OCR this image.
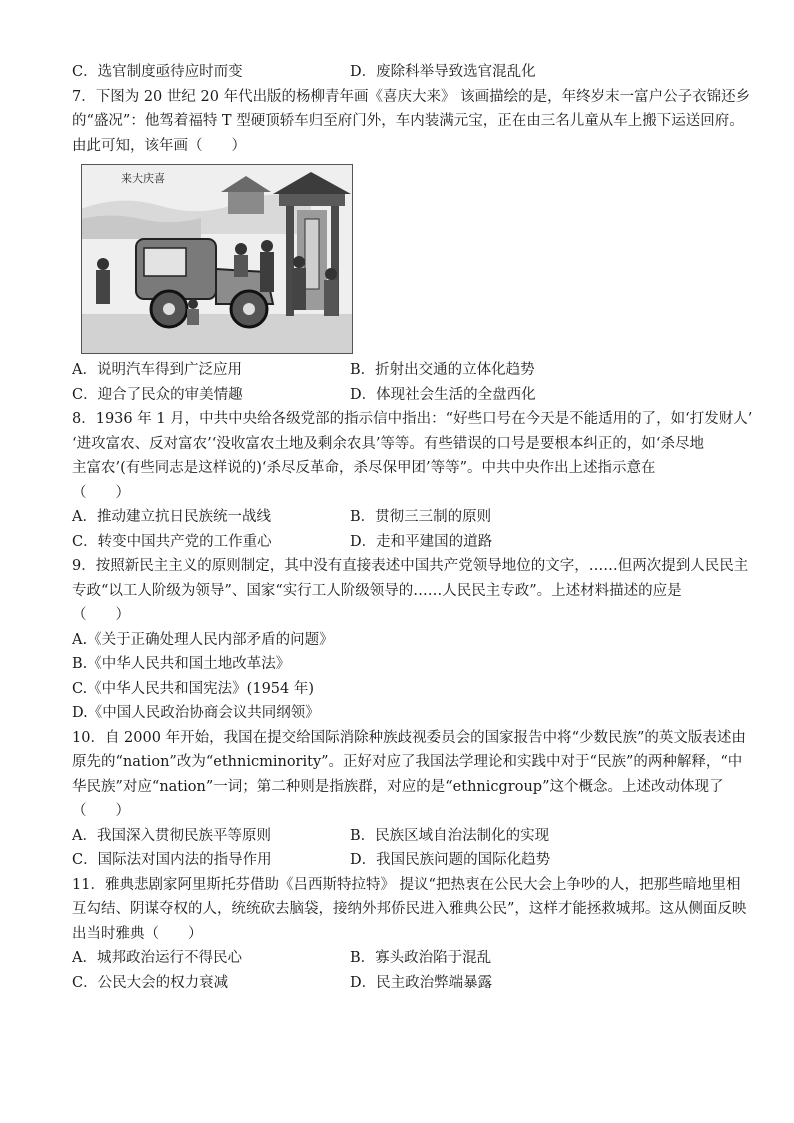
C．选官制度亟待应时而变	D．废除科举导致选官混乱化
7．下图为 20 世纪 20 年代出版的杨柳青年画《喜庆大来》 该画描绘的是，年终岁末一富户公子衣锦还乡
的“盛况”：他驾着福特 T 型硬顶轿车归至府门外，车内装满元宝，正在由三名儿童从车上搬下运送回府。
由此可知，该年画（　　）
来大庆喜
A．说明汽车得到广泛应用	B．折射出交通的立体化趋势
C．迎合了民众的审美情趣	D．体现社会生活的全盘西化
8．1936 年 1 月，中共中央给各级党部的指示信中指出：“好些口号在今天是不能适用的了，如‘打发财人’
‘进攻富农、反对富农’‘没收富农土地及剩余农具’等等。有些错误的口号是要根本纠正的，如‘杀尽地
主富农’(有些同志是这样说的)‘杀尽反革命，杀尽保甲团’等等”。中共中央作出上述指示意在
（　　）
A．推动建立抗日民族统一战线	B．贯彻三三制的原则
C．转变中国共产党的工作重心	D．走和平建国的道路
9．按照新民主主义的原则制定，其中没有直接表述中国共产党领导地位的文字，……但两次提到人民民主
专政“以工人阶级为领导”、国家“实行工人阶级领导的……人民民主专政”。上述材料描述的应是
（　　）
A.《关于正确处理人民内部矛盾的问题》
B.《中华人民共和国土地改革法》
C.《中华人民共和国宪法》(1954 年)
D.《中国人民政治协商会议共同纲领》
10．自 2000 年开始，我国在提交给国际消除种族歧视委员会的国家报告中将“少数民族”的英文版表述由
原先的“nation”改为“ethnicminority”。正好对应了我国法学理论和实践中对于“民族”的两种解释，“中
华民族”对应“nation”一词；第二种则是指族群，对应的是“ethnicgroup”这个概念。上述改动体现了
（　　）
A．我国深入贯彻民族平等原则	B．民族区域自治法制化的实现
C．国际法对国内法的指导作用	D．我国民族问题的国际化趋势
11．雅典悲剧家阿里斯托芬借助《吕西斯特拉特》 提议“把热衷在公民大会上争吵的人，把那些暗地里相
互勾结、阴谋夺权的人，统统砍去脑袋，接纳外邦侨民进入雅典公民”，这样才能拯救城邦。这从侧面反映
出当时雅典（　　）
A．城邦政治运行不得民心	B．寡头政治陷于混乱
C．公民大会的权力衰减	D．民主政治弊端暴露
